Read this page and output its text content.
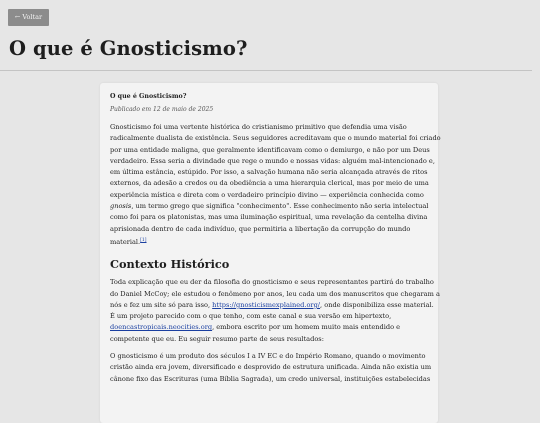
← Voltar
O que é Gnosticismo?

O que é Gnosticismo?

Publicado em 12 de maio de 2025

Gnosticismo foi uma vertente histórica do cristianismo primitivo que defendia uma visão
radicalmente dualista de existência. Seus seguidores acreditavam que o mundo material foi criado
por uma entidade maligna, que geralmente identificavam como o demiurgo, e não por um Deus
verdadeiro. Essa seria a divindade que rege o mundo e nossas vidas: alguém mal-intencionado e,
em última estância, estúpido. Por isso, a salvação humana não seria alcançada através de ritos
externos, da adesão a credos ou da obediência a uma hierarquia clerical, mas por meio de uma
experiência mística e direta com o verdadeiro princípio divino — experiência conhecida como
gnosis, um termo grego que significa "conhecimento". Esse conhecimento não seria intelectual
como foi para os platonistas, mas uma iluminação espiritual, uma revelação da centelha divina
aprisionada dentro de cada indivíduo, que permitiria a libertação da corrupção do mundo
material.[1]

Contexto Histórico

Toda explicação que eu der da filosofia do gnosticismo e seus representantes partirá do trabalho
do Daniel McCoy; ele estudou o fenômeno por anos, leu cada um dos manuscritos que chegaram a
nós e fez um site só para isso, https://gnosticismexplained.org/, onde disponibiliza esse material.
É um projeto parecido com o que tenho, com este canal e sua versão em hipertexto,
doencastropicais.neocities.org, embora escrito por um homem muito mais entendido e
competente que eu. Eu seguir resumo parte de seus resultados:

O gnosticismo é um produto dos séculos I a IV EC e do Império Romano, quando o movimento
cristão ainda era jovem, diversificado e desprovido de estrutura unificada. Ainda não existia um
cânone fixo das Escrituras (uma Bíblia Sagrada), um credo universal, instituições estabelecidas
